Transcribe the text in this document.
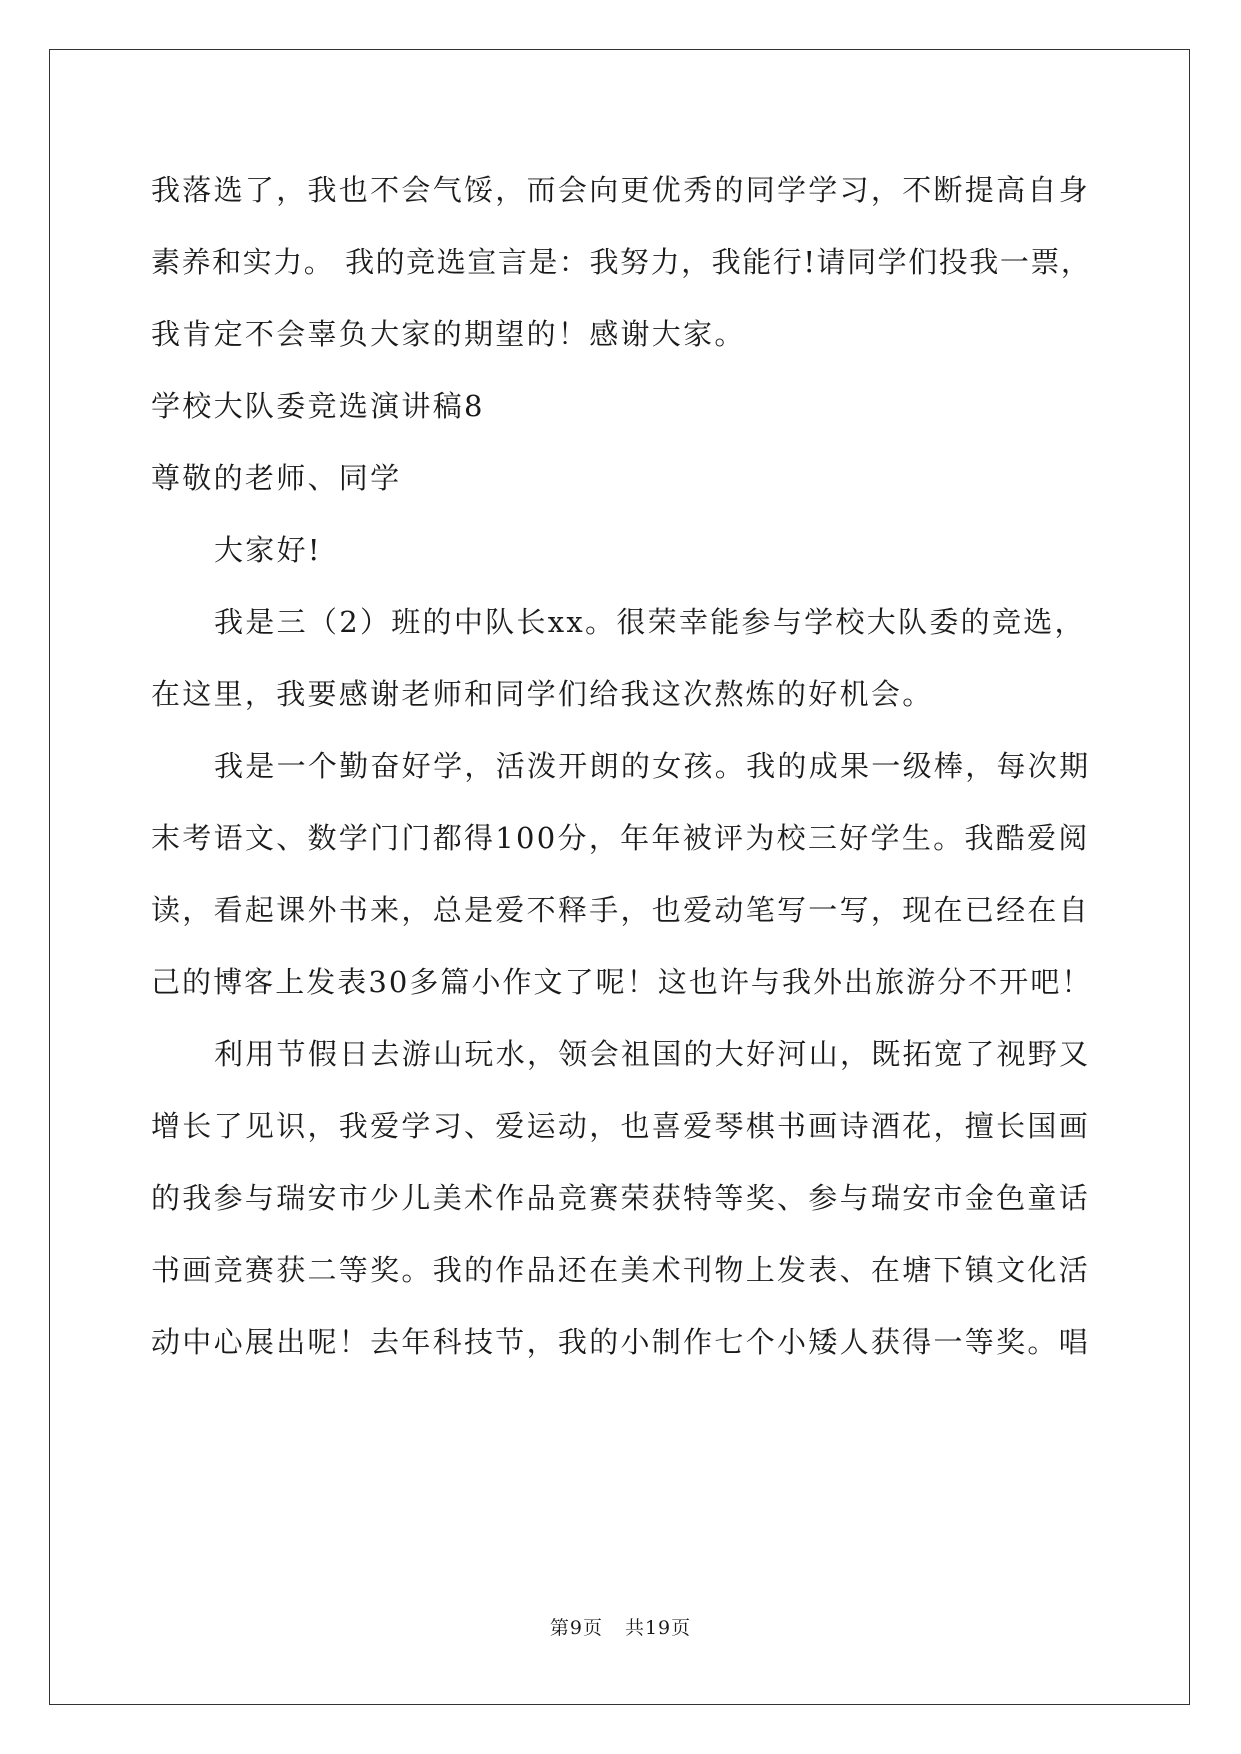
我落选了，我也不会气馁，而会向更优秀的同学学习，不断提高自身

素养和实力。 我的竞选宣言是：我努力，我能行!请同学们投我一票，

我肯定不会辜负大家的期望的！感谢大家。

学校大队委竞选演讲稿8

尊敬的老师、同学

大家好!

我是三（2）班的中队长xx。很荣幸能参与学校大队委的竞选，

在这里，我要感谢老师和同学们给我这次熬炼的好机会。

我是一个勤奋好学，活泼开朗的女孩。我的成果一级棒，每次期

末考语文、数学门门都得100分，年年被评为校三好学生。我酷爱阅

读，看起课外书来，总是爱不释手，也爱动笔写一写，现在已经在自

己的博客上发表30多篇小作文了呢！这也许与我外出旅游分不开吧！

利用节假日去游山玩水，领会祖国的大好河山，既拓宽了视野又

增长了见识，我爱学习、爱运动，也喜爱琴棋书画诗酒花，擅长国画

的我参与瑞安市少儿美术作品竞赛荣获特等奖、参与瑞安市金色童话

书画竞赛获二等奖。我的作品还在美术刊物上发表、在塘下镇文化活

动中心展出呢！去年科技节，我的小制作七个小矮人获得一等奖。唱

第9页 共19页
